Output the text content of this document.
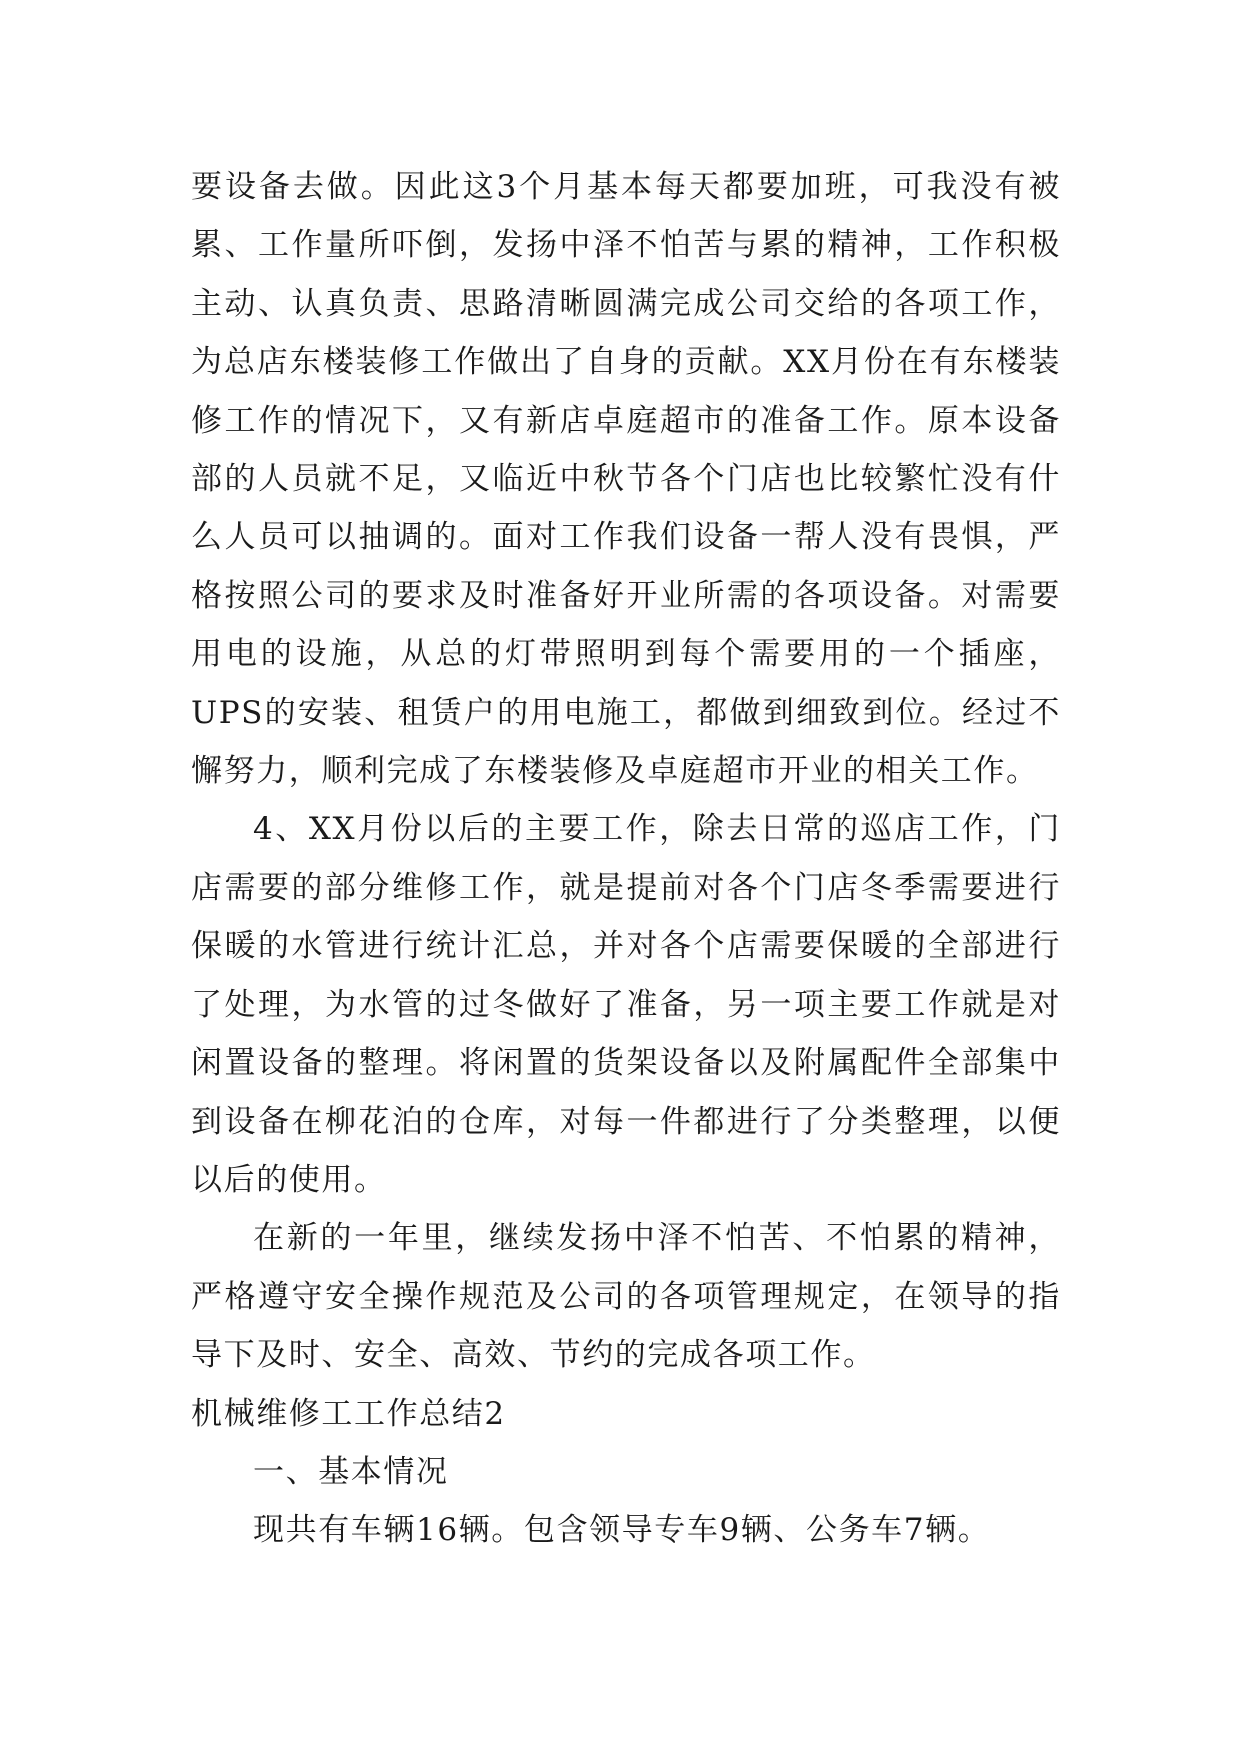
要设备去做。因此这3个月基本每天都要加班，可我没有被累、工作量所吓倒，发扬中泽不怕苦与累的精神，工作积极主动、认真负责、思路清晰圆满完成公司交给的各项工作，为总店东楼装修工作做出了自身的贡献。XX月份在有东楼装修工作的情况下，又有新店卓庭超市的准备工作。原本设备部的人员就不足，又临近中秋节各个门店也比较繁忙没有什么人员可以抽调的。面对工作我们设备一帮人没有畏惧，严格按照公司的要求及时准备好开业所需的各项设备。对需要用电的设施，从总的灯带照明到每个需要用的一个插座，UPS的安装、租赁户的用电施工，都做到细致到位。经过不懈努力，顺利完成了东楼装修及卓庭超市开业的相关工作。

4、XX月份以后的主要工作，除去日常的巡店工作，门店需要的部分维修工作，就是提前对各个门店冬季需要进行保暖的水管进行统计汇总，并对各个店需要保暖的全部进行了处理，为水管的过冬做好了准备，另一项主要工作就是对闲置设备的整理。将闲置的货架设备以及附属配件全部集中到设备在柳花泊的仓库，对每一件都进行了分类整理，以便以后的使用。

在新的一年里，继续发扬中泽不怕苦、不怕累的精神，严格遵守安全操作规范及公司的各项管理规定，在领导的指导下及时、安全、高效、节约的完成各项工作。

机械维修工工作总结2

一、基本情况

现共有车辆16辆。包含领导专车9辆、公务车7辆。
